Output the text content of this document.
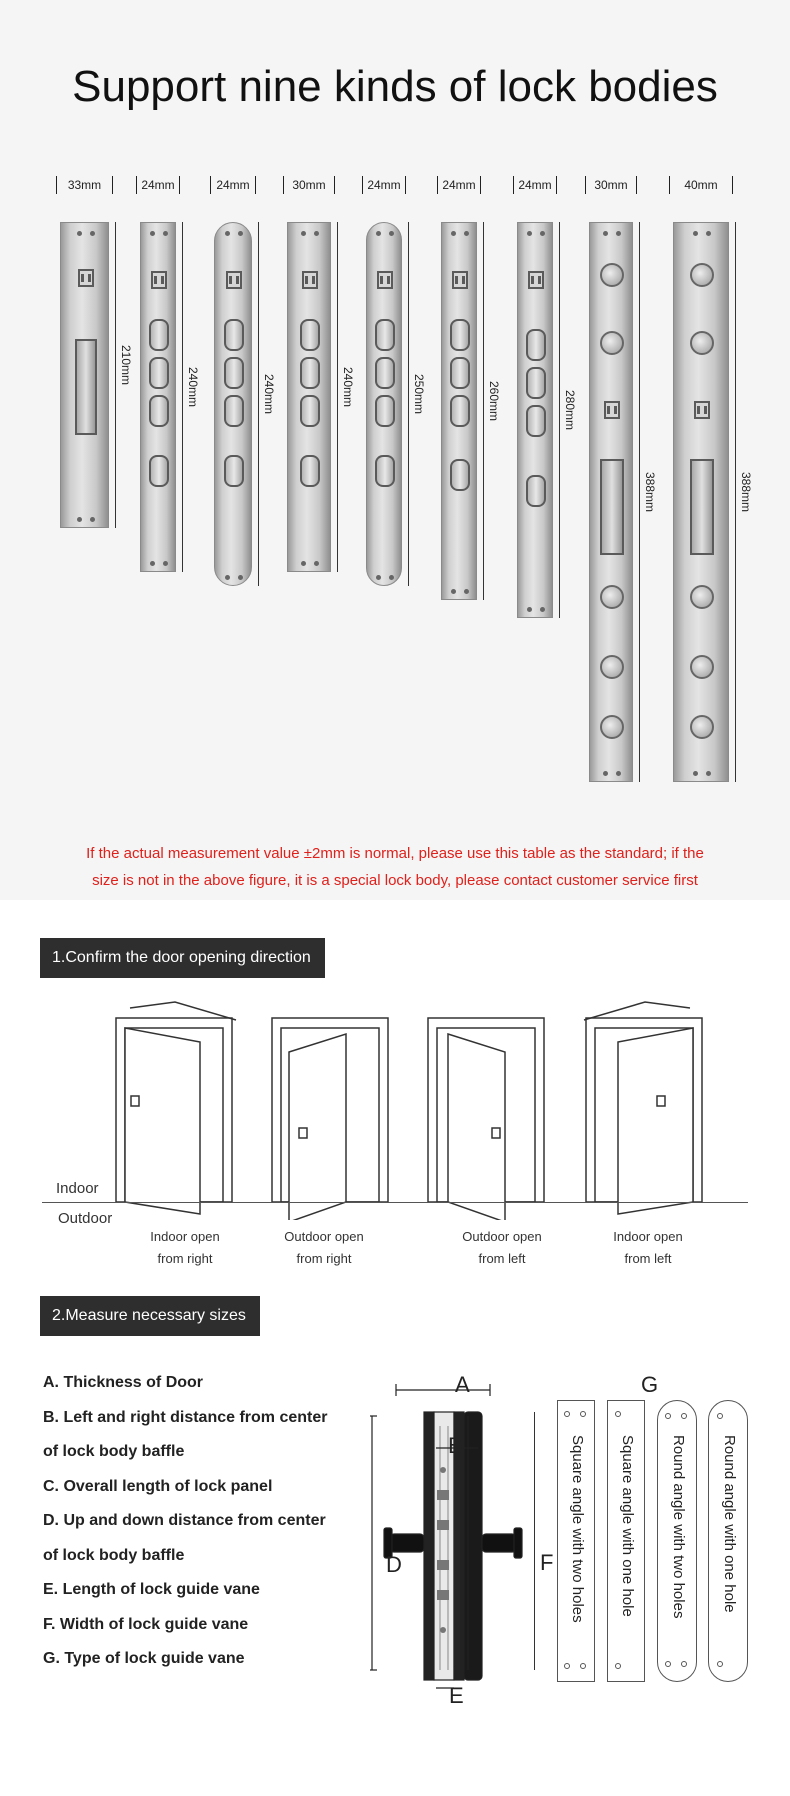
Support nine kinds of lock bodies
33mm
210mm
24mm
240mm
24mm
240mm
30mm
240mm
24mm
250mm
24mm
260mm
24mm
280mm
30mm
388mm
40mm
388mm
If the actual measurement value ±2mm is normal, please use this table as the standard; if the
size is not in the above figure, it is a special lock body, please contact customer service first
1.Confirm the door opening direction
Indoor
Outdoor
Indoor open
from right
Outdoor open
from right
Outdoor open
from left
Indoor open
from left
2.Measure necessary sizes
A. Thickness of Door
B. Left and right distance from center
of lock body baffle
C. Overall length of lock panel
D. Up and down distance from center
of lock body baffle
E. Length of lock guide vane
F. Width of lock guide vane
G. Type of lock guide vane
A
B
D
E
F
G
Square angle with two holes Square angle with one hole Round angle with two holes Round angle with one hole
